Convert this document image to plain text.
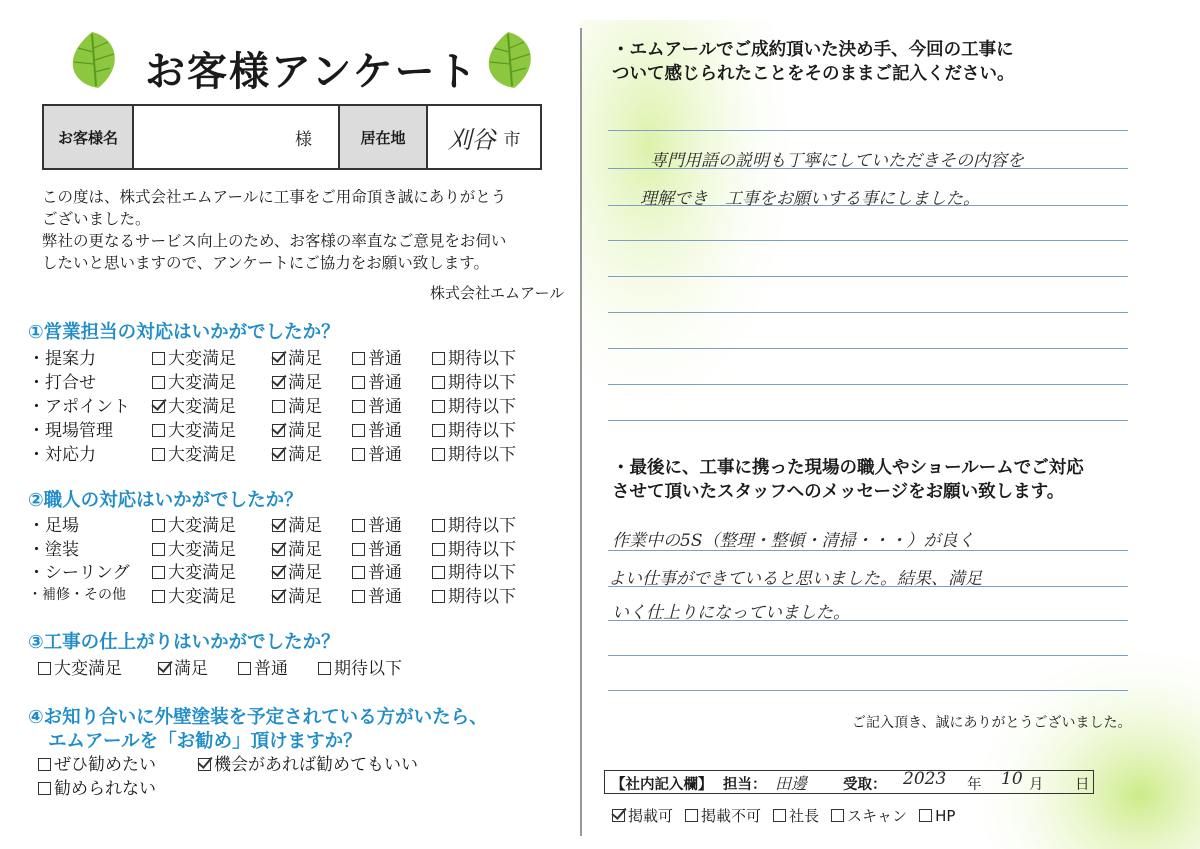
お客様アンケート
お客様名	様	居在地	刈谷 市
この度は、株式会社エムアールに工事をご用命頂き誠にありがとう
ございました。
弊社の更なるサービス向上のため、お客様の率直なご意見をお伺い
したいと思いますので、アンケートにご協力をお願い致します。
株式会社エムアール
①営業担当の対応はいかがでしたか？
・提案力	大変満足	満足	普通	期待以下
・打合せ	大変満足	満足	普通	期待以下
・アポイント	大変満足	満足	普通	期待以下
・現場管理	大変満足	満足	普通	期待以下
・対応力	大変満足	満足	普通	期待以下
②職人の対応はいかがでしたか？
・足場	大変満足	満足	普通	期待以下
・塗装	大変満足	満足	普通	期待以下
・シーリング	大変満足	満足	普通	期待以下
・補修・その他	大変満足	満足	普通	期待以下
③工事の仕上がりはいかがでしたか？
大変満足	満足	普通	期待以下
④お知り合いに外壁塗装を予定されている方がいたら、
エムアールを「お勧め」頂けますか？
ぜひ勧めたい	機会があれば勧めてもいい
勧められない
・エムアールでご成約頂いた決め手、今回の工事に
ついて感じられたことをそのままご記入ください。
専門用語の説明も丁寧にしていただきその内容を
理解でき　工事をお願いする事にしました。
・最後に、工事に携った現場の職人やショールームでご対応
させて頂いたスタッフへのメッセージをお願い致します。
作業中の5S（整理・整頓・清掃・・・）が良く
よい仕事ができていると思いました。結果、満足
いく仕上りになっていました。
ご記入頂き、誠にありがとうございました。
【社内記入欄】 担当： 田邊 受取： 2023 年 10 月 日
掲載可 掲載不可 社長 スキャン HP
